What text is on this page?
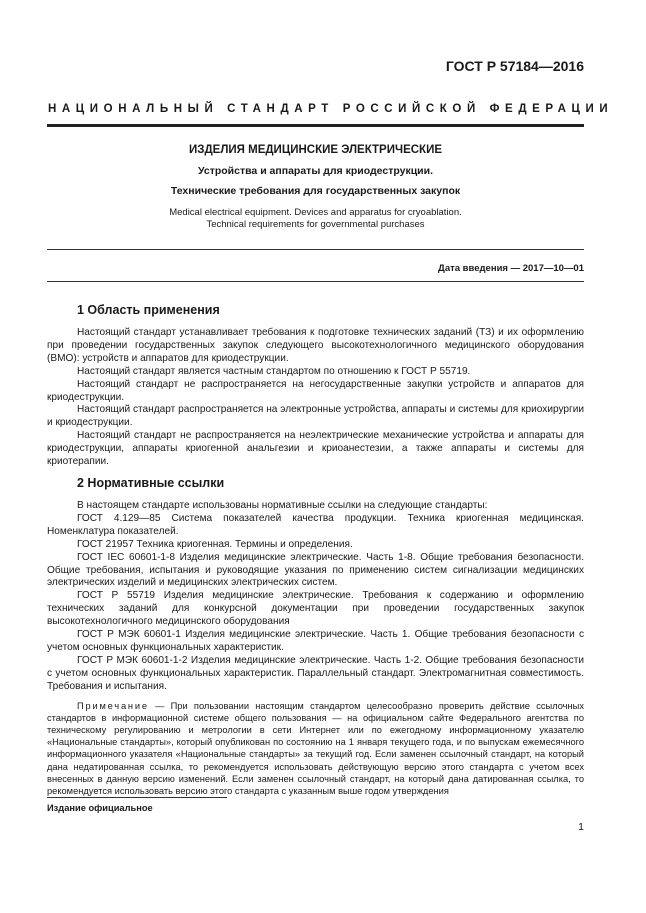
ГОСТ Р 57184—2016
НАЦИОНАЛЬНЫЙ СТАНДАРТ РОССИЙСКОЙ ФЕДЕРАЦИИ
ИЗДЕЛИЯ МЕДИЦИНСКИЕ ЭЛЕКТРИЧЕСКИЕ
Устройства и аппараты для криодеструкции.
Технические требования для государственных закупок
Medical electrical equipment. Devices and apparatus for cryoablation.
Technical requirements for governmental purchases
Дата введения — 2017—10—01
1 Область применения

Настоящий стандарт устанавливает требования к подготовке технических заданий (ТЗ) и их оформлению при проведении государственных закупок следующего высокотехнологичного медицинского оборудования (ВМО): устройств и аппаратов для криодеструкции.

Настоящий стандарт является частным стандартом по отношению к ГОСТ Р 55719.

Настоящий стандарт не распространяется на негосударственные закупки устройств и аппаратов для криодеструкции.

Настоящий стандарт распространяется на электронные устройства, аппараты и системы для криохирургии и криодеструкции.

Настоящий стандарт не распространяется на неэлектрические механические устройства и аппараты для криодеструкции, аппараты криогенной анальгезии и криоанестезии, а также аппараты и системы для криотерапии.

2 Нормативные ссылки

В настоящем стандарте использованы нормативные ссылки на следующие стандарты:

ГОСТ 4.129—85 Система показателей качества продукции. Техника криогенная медицинская. Номенклатура показателей.

ГОСТ 21957 Техника криогенная. Термины и определения.

ГОСТ IEC 60601-1-8 Изделия медицинские электрические. Часть 1-8. Общие требования безопасности. Общие требования, испытания и руководящие указания по применению систем сигнализации медицинских электрических изделий и медицинских электрических систем.

ГОСТ Р 55719 Изделия медицинские электрические. Требования к содержанию и оформлению технических заданий для конкурсной документации при проведении государственных закупок высокотехнологичного медицинского оборудования

ГОСТ Р МЭК 60601-1 Изделия медицинские электрические. Часть 1. Общие требования безопасности с учетом основных функциональных характеристик.

ГОСТ Р МЭК 60601-1-2 Изделия медицинские электрические. Часть 1-2. Общие требования безопасности с учетом основных функциональных характеристик. Параллельный стандарт. Электромагнитная совместимость. Требования и испытания.

Примечание — При пользовании настоящим стандартом целесообразно проверить действие ссылочных стандартов в информационной системе общего пользования — на официальном сайте Федерального агентства по техническому регулированию и метрологии в сети Интернет или по ежегодному информационному указателю «Национальные стандарты», который опубликован по состоянию на 1 января текущего года, и по выпускам ежемесячного информационного указателя «Национальные стандарты» за текущий год. Если заменен ссылочный стандарт, на который дана недатированная ссылка, то рекомендуется использовать действующую версию этого стандарта с учетом всех внесенных в данную версию изменений. Если заменен ссылочный стандарт, на который дана датированная ссылка, то рекомендуется использовать версию этого стандарта с указанным выше годом утверждения

Издание официальное
1
